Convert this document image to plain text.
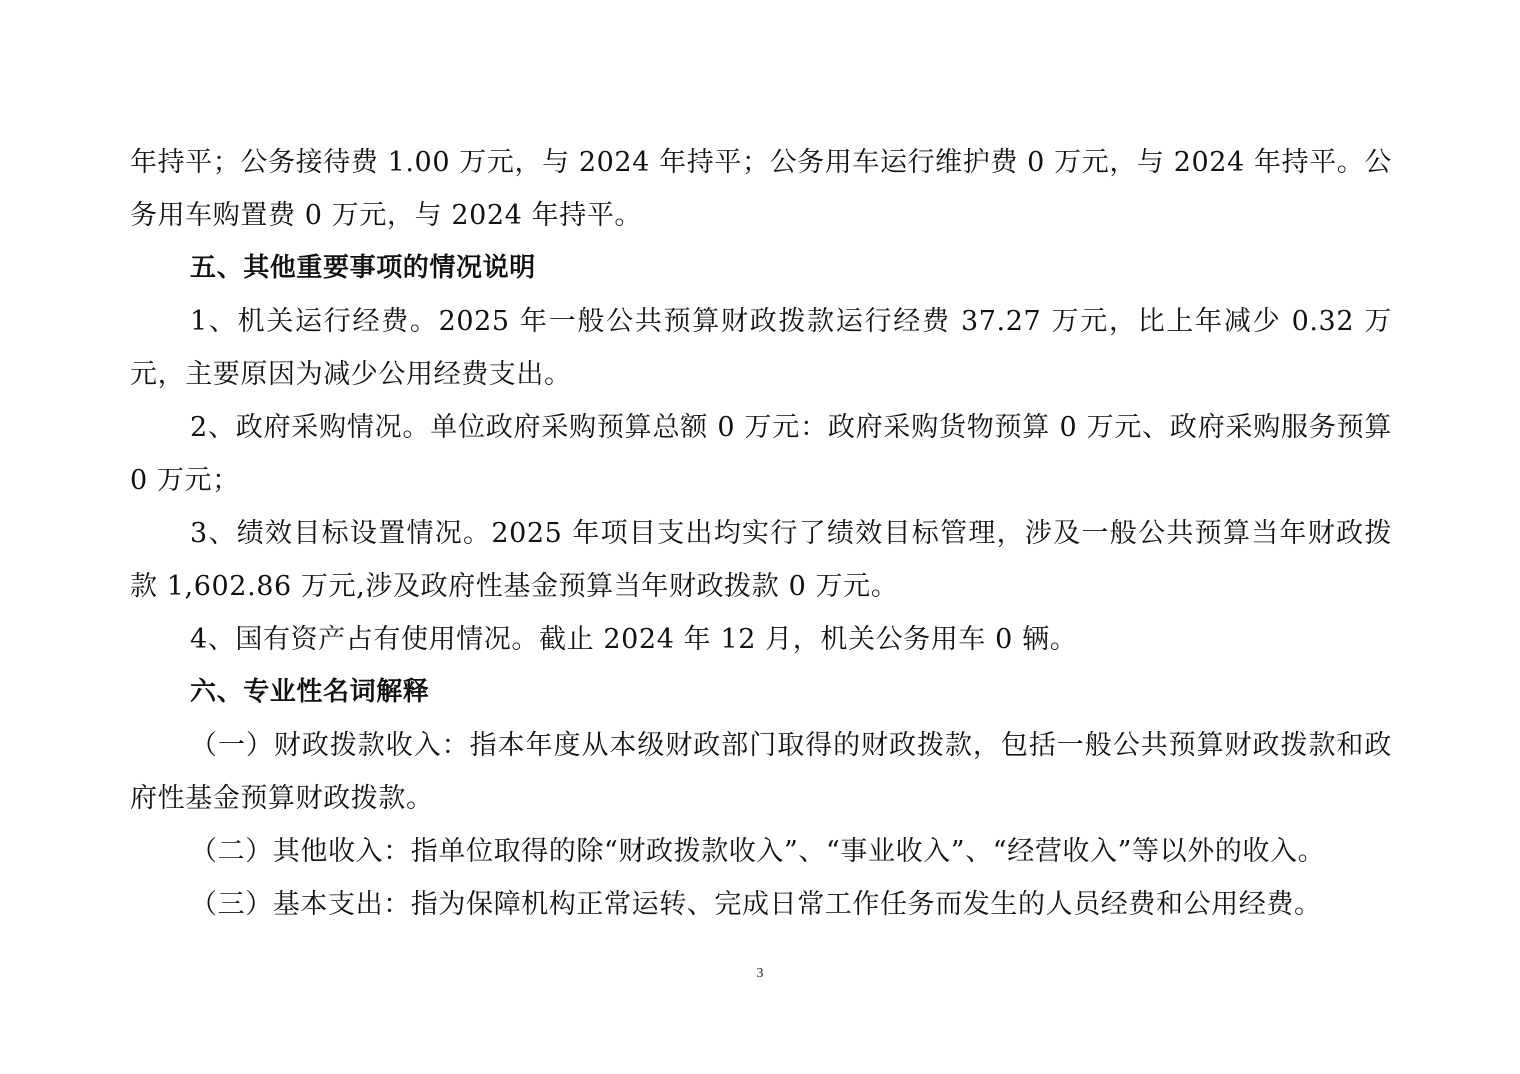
年持平；公务接待费 1.00 万元，与 2024 年持平；公务用车运行维护费 0 万元，与 2024 年持平。公务用车购置费 0 万元，与 2024 年持平。

五、其他重要事项的情况说明

1、机关运行经费。2025 年一般公共预算财政拨款运行经费 37.27 万元，比上年减少 0.32 万元，主要原因为减少公用经费支出。

2、政府采购情况。单位政府采购预算总额 0 万元：政府采购货物预算 0 万元、政府采购服务预算 0 万元；

3、绩效目标设置情况。2025 年项目支出均实行了绩效目标管理，涉及一般公共预算当年财政拨款 1,602.86 万元,涉及政府性基金预算当年财政拨款 0 万元。

4、国有资产占有使用情况。截止 2024 年 12 月，机关公务用车 0 辆。

六、专业性名词解释

（一）财政拨款收入：指本年度从本级财政部门取得的财政拨款，包括一般公共预算财政拨款和政府性基金预算财政拨款。

（二）其他收入：指单位取得的除“财政拨款收入”、“事业收入”、“经营收入”等以外的收入。

（三）基本支出：指为保障机构正常运转、完成日常工作任务而发生的人员经费和公用经费。

3
